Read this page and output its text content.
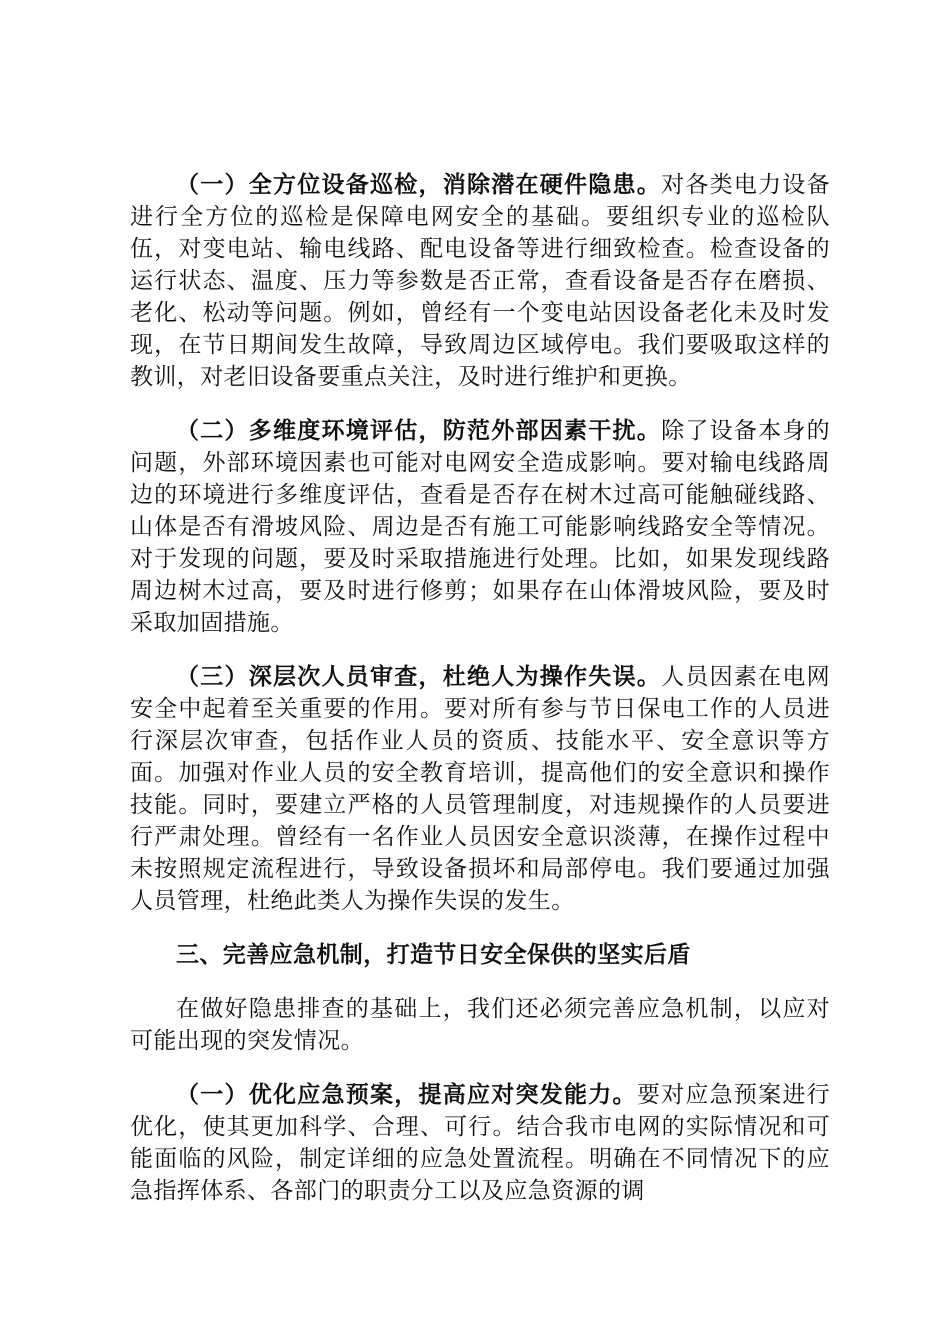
（一）全方位设备巡检，消除潜在硬件隐患。对各类电力设备进行全方位的巡检是保障电网安全的基础。要组织专业的巡检队伍，对变电站、输电线路、配电设备等进行细致检查。检查设备的运行状态、温度、压力等参数是否正常，查看设备是否存在磨损、老化、松动等问题。例如，曾经有一个变电站因设备老化未及时发现，在节日期间发生故障，导致周边区域停电。我们要吸取这样的教训，对老旧设备要重点关注，及时进行维护和更换。

（二）多维度环境评估，防范外部因素干扰。除了设备本身的问题，外部环境因素也可能对电网安全造成影响。要对输电线路周边的环境进行多维度评估，查看是否存在树木过高可能触碰线路、山体是否有滑坡风险、周边是否有施工可能影响线路安全等情况。对于发现的问题，要及时采取措施进行处理。比如，如果发现线路周边树木过高，要及时进行修剪；如果存在山体滑坡风险，要及时采取加固措施。

（三）深层次人员审查，杜绝人为操作失误。人员因素在电网安全中起着至关重要的作用。要对所有参与节日保电工作的人员进行深层次审查，包括作业人员的资质、技能水平、安全意识等方面。加强对作业人员的安全教育培训，提高他们的安全意识和操作技能。同时，要建立严格的人员管理制度，对违规操作的人员要进行严肃处理。曾经有一名作业人员因安全意识淡薄，在操作过程中未按照规定流程进行，导致设备损坏和局部停电。我们要通过加强人员管理，杜绝此类人为操作失误的发生。

三、完善应急机制，打造节日安全保供的坚实后盾

在做好隐患排查的基础上，我们还必须完善应急机制，以应对可能出现的突发情况。

（一）优化应急预案，提高应对突发能力。要对应急预案进行优化，使其更加科学、合理、可行。结合我市电网的实际情况和可能面临的风险，制定详细的应急处置流程。明确在不同情况下的应急指挥体系、各部门的职责分工以及应急资源的调
